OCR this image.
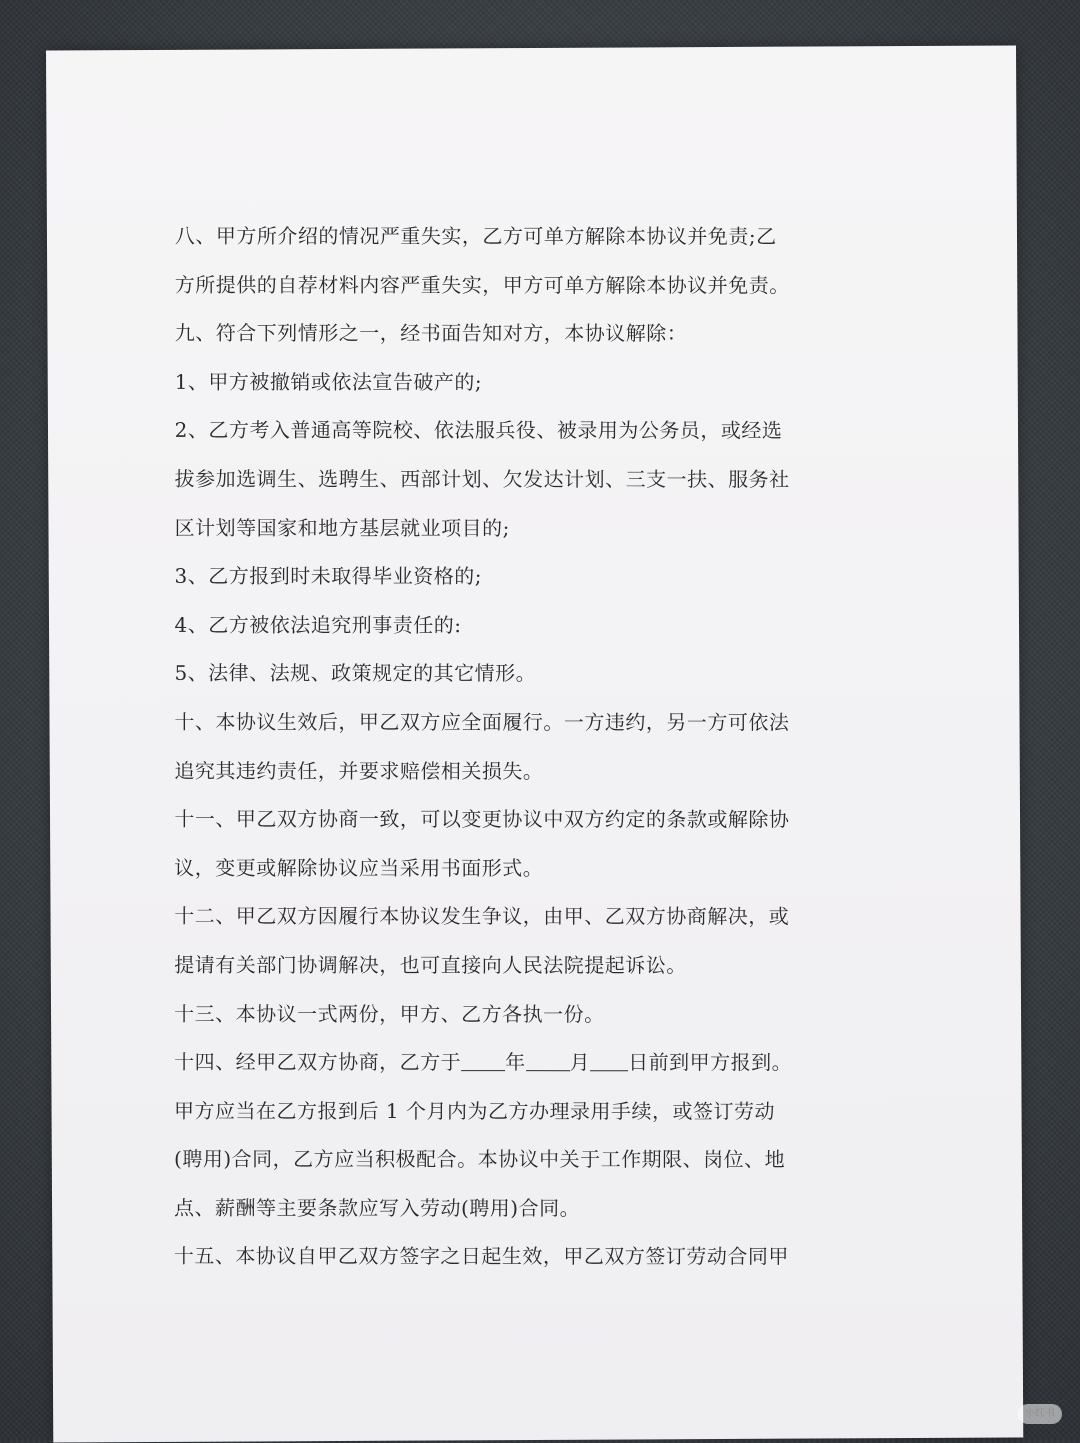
八、甲方所介绍的情况严重失实，乙方可单方解除本协议并免责;乙
方所提供的自荐材料内容严重失实，甲方可单方解除本协议并免责。
九、符合下列情形之一，经书面告知对方，本协议解除：
1、甲方被撤销或依法宣告破产的;
2、乙方考入普通高等院校、依法服兵役、被录用为公务员，或经选
拔参加选调生、选聘生、西部计划、欠发达计划、三支一扶、服务社
区计划等国家和地方基层就业项目的;
3、乙方报到时未取得毕业资格的;
4、乙方被依法追究刑事责任的:
5、法律、法规、政策规定的其它情形。
十、本协议生效后，甲乙双方应全面履行。一方违约，另一方可依法
追究其违约责任，并要求赔偿相关损失。
十一、甲乙双方协商一致，可以变更协议中双方约定的条款或解除协
议，变更或解除协议应当采用书面形式。
十二、甲乙双方因履行本协议发生争议，由甲、乙双方协商解决，或
提请有关部门协调解决，也可直接向人民法院提起诉讼。
十三、本协议一式两份，甲方、乙方各执一份。
十四、经甲乙双方协商，乙方于 年 月 日前到甲方报到。
甲方应当在乙方报到后 1 个月内为乙方办理录用手续，或签订劳动
(聘用)合同，乙方应当积极配合。本协议中关于工作期限、岗位、地
点、薪酬等主要条款应写入劳动(聘用)合同。
十五、本协议自甲乙双方签字之日起生效，甲乙双方签订劳动合同甲
小红书
